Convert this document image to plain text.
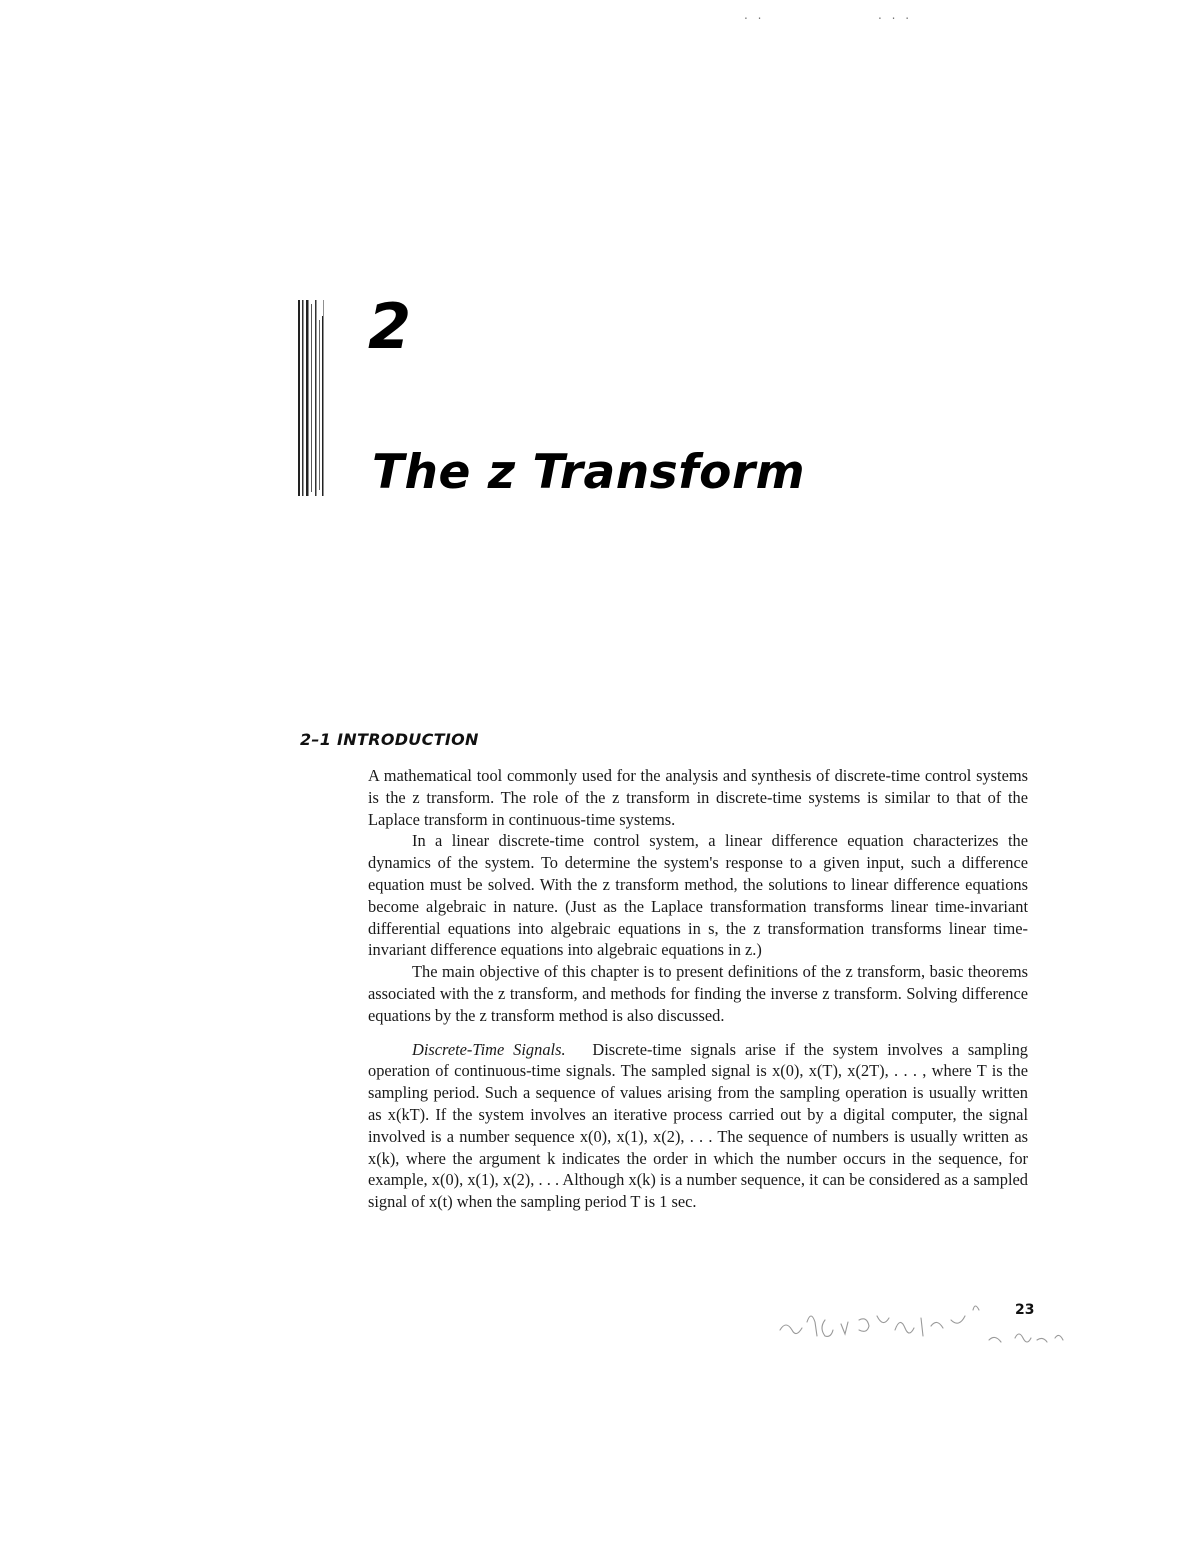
. .	. . .
2
The z Transform
2–1 INTRODUCTION

A mathematical tool commonly used for the analysis and synthesis of discrete-time control systems is the z transform. The role of the z transform in discrete-time systems is similar to that of the Laplace transform in continuous-time systems.

In a linear discrete-time control system, a linear difference equation characterizes the dynamics of the system. To determine the system's response to a given input, such a difference equation must be solved. With the z transform method, the solutions to linear difference equations become algebraic in nature. (Just as the Laplace transformation transforms linear time-invariant differential equations into algebraic equations in s, the z transformation transforms linear time-invariant difference equations into algebraic equations in z.)

The main objective of this chapter is to present definitions of the z transform, basic theorems associated with the z transform, and methods for finding the inverse z transform. Solving difference equations by the z transform method is also discussed.

Discrete-Time Signals. Discrete-time signals arise if the system involves a sampling operation of continuous-time signals. The sampled signal is x(0), x(T), x(2T), . . . , where T is the sampling period. Such a sequence of values arising from the sampling operation is usually written as x(kT). If the system involves an iterative process carried out by a digital computer, the signal involved is a number sequence x(0), x(1), x(2), . . . The sequence of numbers is usually written as x(k), where the argument k indicates the order in which the number occurs in the sequence, for example, x(0), x(1), x(2), . . . Although x(k) is a number sequence, it can be considered as a sampled signal of x(t) when the sampling period T is 1 sec.

23
